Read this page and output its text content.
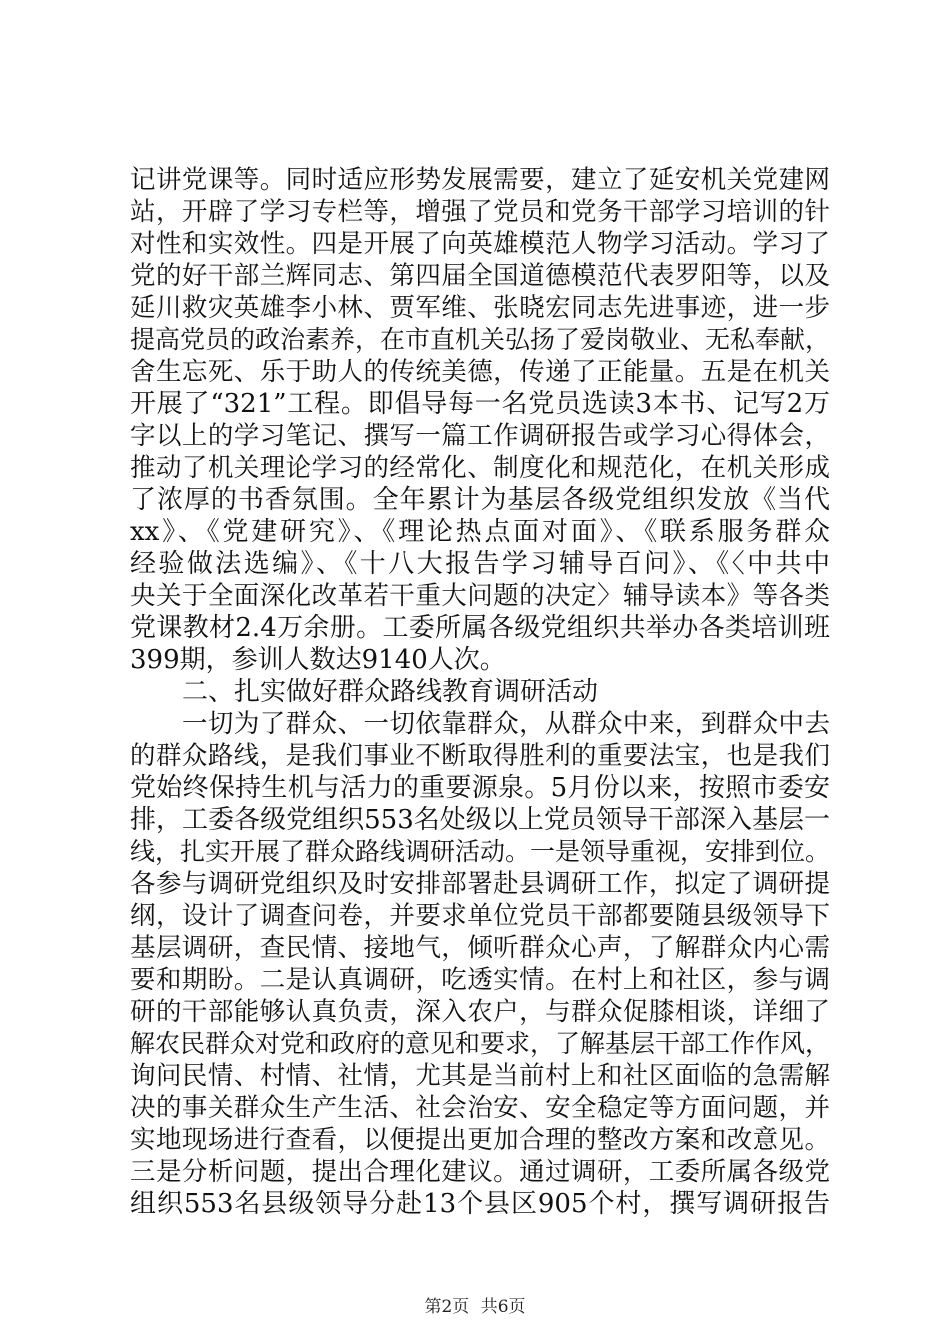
记讲党课等。同时适应形势发展需要，建立了延安机关党建网
站，开辟了学习专栏等，增强了党员和党务干部学习培训的针
对性和实效性。四是开展了向英雄模范人物学习活动。学习了
党的好干部兰辉同志、第四届全国道德模范代表罗阳等，以及
延川救灾英雄李小林、贾军维、张晓宏同志先进事迹，进一步
提高党员的政治素养，在市直机关弘扬了爱岗敬业、无私奉献，
舍生忘死、乐于助人的传统美德，传递了正能量。五是在机关
开展了“321”工程。即倡导每一名党员选读3本书、记写2万
字以上的学习笔记、撰写一篇工作调研报告或学习心得体会，
推动了机关理论学习的经常化、制度化和规范化，在机关形成
了浓厚的书香氛围。全年累计为基层各级党组织发放《当代
xx》、《党建研究》、《理论热点面对面》、《联系服务群众
经验做法选编》、《十八大报告学习辅导百问》、《〈中共中
央关于全面深化改革若干重大问题的决定〉辅导读本》等各类
党课教材2.4万余册。工委所属各级党组织共举办各类培训班
399期，参训人数达9140人次。
二、扎实做好群众路线教育调研活动
一切为了群众、一切依靠群众，从群众中来，到群众中去
的群众路线，是我们事业不断取得胜利的重要法宝，也是我们
党始终保持生机与活力的重要源泉。5月份以来，按照市委安
排，工委各级党组织553名处级以上党员领导干部深入基层一
线，扎实开展了群众路线调研活动。一是领导重视，安排到位。
各参与调研党组织及时安排部署赴县调研工作，拟定了调研提
纲，设计了调查问卷，并要求单位党员干部都要随县级领导下
基层调研，查民情、接地气，倾听群众心声，了解群众内心需
要和期盼。二是认真调研，吃透实情。在村上和社区，参与调
研的干部能够认真负责，深入农户，与群众促膝相谈，详细了
解农民群众对党和政府的意见和要求，了解基层干部工作作风，
询问民情、村情、社情，尤其是当前村上和社区面临的急需解
决的事关群众生产生活、社会治安、安全稳定等方面问题，并
实地现场进行查看，以便提出更加合理的整改方案和改意见。
三是分析问题，提出合理化建议。通过调研，工委所属各级党
组织553名县级领导分赴13个县区905个村，撰写调研报告
第2页 共6页
